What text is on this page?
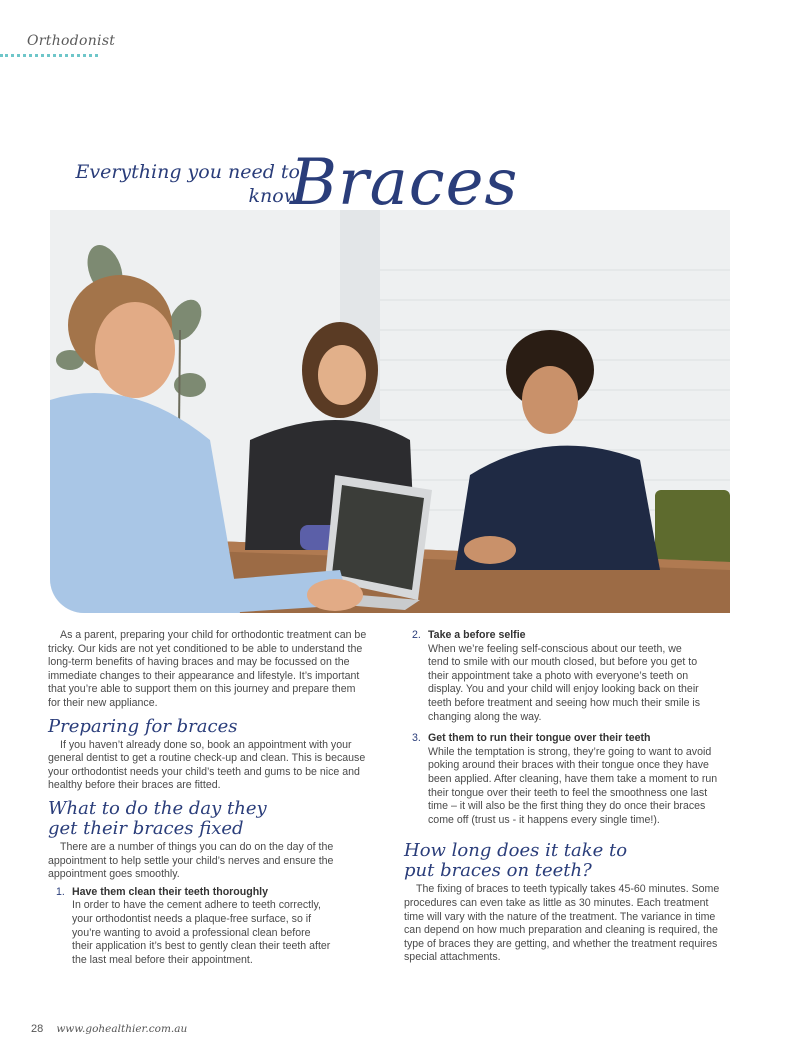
Orthodonist
Everything you need to know
Braces

As a parent, preparing your child for orthodontic treatment can be tricky. Our kids are not yet conditioned to be able to understand the long-term benefits of having braces and may be focussed on the immediate changes to their appearance and lifestyle. It’s important that you’re able to support them on this journey and prepare them for their new appliance.

Preparing for braces

If you haven’t already done so, book an appointment with your general dentist to get a routine check-up and clean. This is because your orthodontist needs your child’s teeth and gums to be nice and healthy before their braces are fitted.

What to do the day they
get their braces fixed

There are a number of things you can do on the day of the appointment to help settle your child’s nerves and ensure the appointment goes smoothly.

1. Have them clean their teeth thoroughly
In order to have the cement adhere to teeth correctly, your orthodontist needs a plaque-free surface, so if you’re wanting to avoid a professional clean before their application it’s best to gently clean their teeth after the last meal before their appointment.
2. Take a before selfie
When we’re feeling self-conscious about our teeth, we tend to smile with our mouth closed, but before you get to their appointment take a photo with everyone’s teeth on display. You and your child will enjoy looking back on their teeth before treatment and seeing how much their smile is changing along the way.
3. Get them to run their tongue over their teeth
While the temptation is strong, they’re going to want to avoid poking around their braces with their tongue once they have been applied. After cleaning, have them take a moment to run their tongue over their teeth to feel the smoothness one last time – it will also be the first thing they do once their braces come off (trust us - it happens every single time!).
How long does it take to
put braces on teeth?

The fixing of braces to teeth typically takes 45-60 minutes. Some procedures can even take as little as 30 minutes. Each treatment time will vary with the nature of the treatment. The variance in time can depend on how much preparation and cleaning is required, the type of braces they are getting, and whether the treatment requires special attachments.

28 www.gohealthier.com.au
